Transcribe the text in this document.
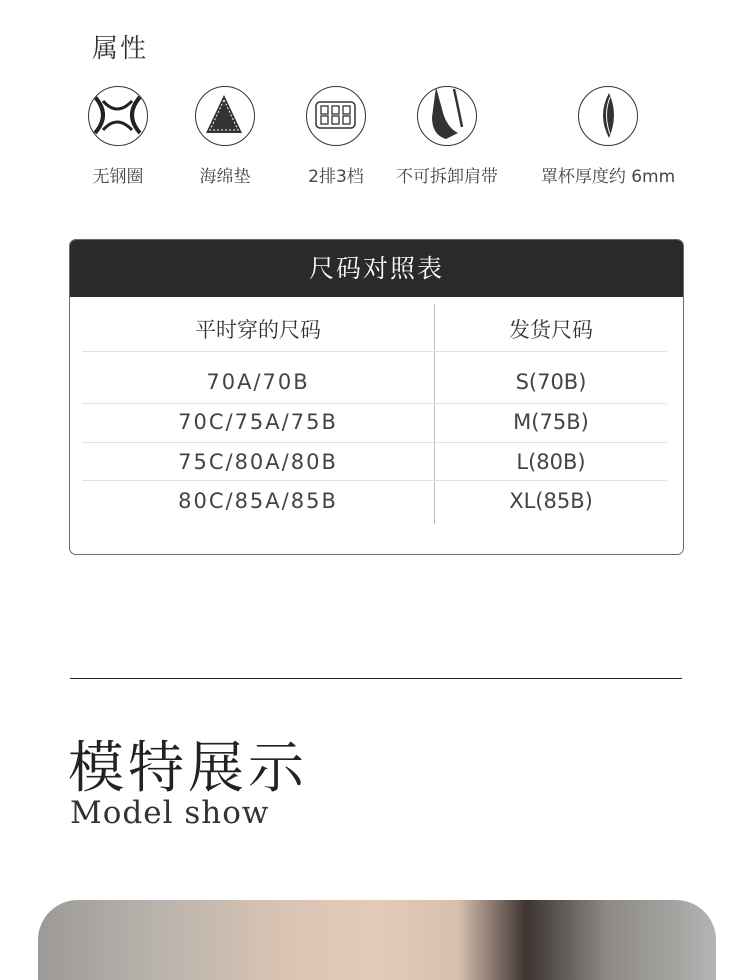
属性
无钢圈	海绵垫	2排3档	不可拆卸肩带	罩杯厚度约 6mm
尺码对照表
平时穿的尺码	发货尺码
70A/70B	S(70B)
70C/75A/75B	M(75B)
75C/80A/80B	L(80B)
80C/85A/85B	XL(85B)
模特展示
Model show
